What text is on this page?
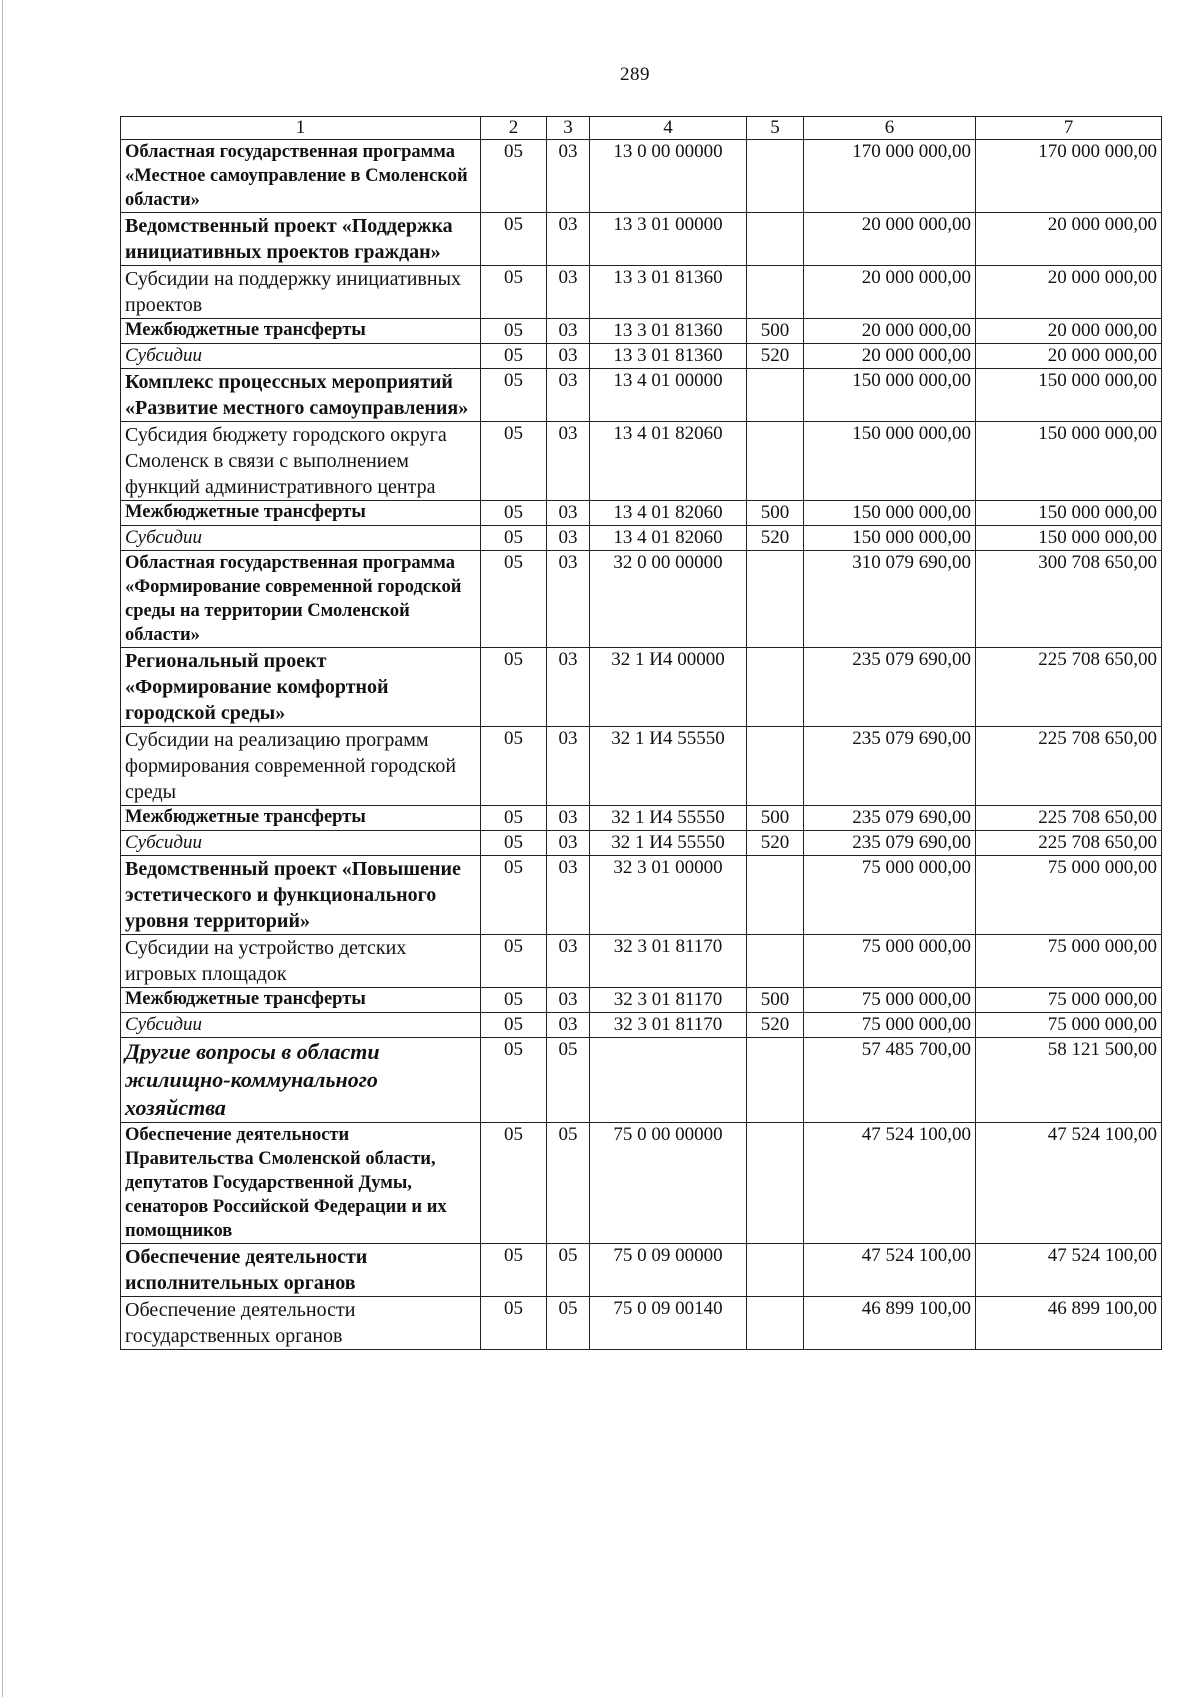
289
1	2	3	4	5	6	7
Областная государственная программа «Местное самоуправление в Смоленской области»	05	03	13 0 00 00000		170 000 000,00	170 000 000,00
Ведомственный проект «Поддержка инициативных проектов граждан»	05	03	13 3 01 00000		20 000 000,00	20 000 000,00
Субсидии на поддержку инициативных проектов	05	03	13 3 01 81360		20 000 000,00	20 000 000,00
Межбюджетные трансферты	05	03	13 3 01 81360	500	20 000 000,00	20 000 000,00
Субсидии	05	03	13 3 01 81360	520	20 000 000,00	20 000 000,00
Комплекс процессных мероприятий «Развитие местного самоуправления»	05	03	13 4 01 00000		150 000 000,00	150 000 000,00
Субсидия бюджету городского округа Смоленск в связи с выполнением функций административного центра	05	03	13 4 01 82060		150 000 000,00	150 000 000,00
Межбюджетные трансферты	05	03	13 4 01 82060	500	150 000 000,00	150 000 000,00
Субсидии	05	03	13 4 01 82060	520	150 000 000,00	150 000 000,00
Областная государственная программа «Формирование современной городской среды на территории Смоленской области»	05	03	32 0 00 00000		310 079 690,00	300 708 650,00
Региональный проект «Формирование комфортной городской среды»	05	03	32 1 И4 00000		235 079 690,00	225 708 650,00
Субсидии на реализацию программ формирования современной городской среды	05	03	32 1 И4 55550		235 079 690,00	225 708 650,00
Межбюджетные трансферты	05	03	32 1 И4 55550	500	235 079 690,00	225 708 650,00
Субсидии	05	03	32 1 И4 55550	520	235 079 690,00	225 708 650,00
Ведомственный проект «Повышение эстетического и функционального уровня территорий»	05	03	32 3 01 00000		75 000 000,00	75 000 000,00
Субсидии на устройство детских игровых площадок	05	03	32 3 01 81170		75 000 000,00	75 000 000,00
Межбюджетные трансферты	05	03	32 3 01 81170	500	75 000 000,00	75 000 000,00
Субсидии	05	03	32 3 01 81170	520	75 000 000,00	75 000 000,00
Другие вопросы в области жилищно-коммунального хозяйства	05	05			57 485 700,00	58 121 500,00
Обеспечение деятельности Правительства Смоленской области, депутатов Государственной Думы, сенаторов Российской Федерации и их помощников	05	05	75 0 00 00000		47 524 100,00	47 524 100,00
Обеспечение деятельности исполнительных органов	05	05	75 0 09 00000		47 524 100,00	47 524 100,00
Обеспечение деятельности государственных органов	05	05	75 0 09 00140		46 899 100,00	46 899 100,00
